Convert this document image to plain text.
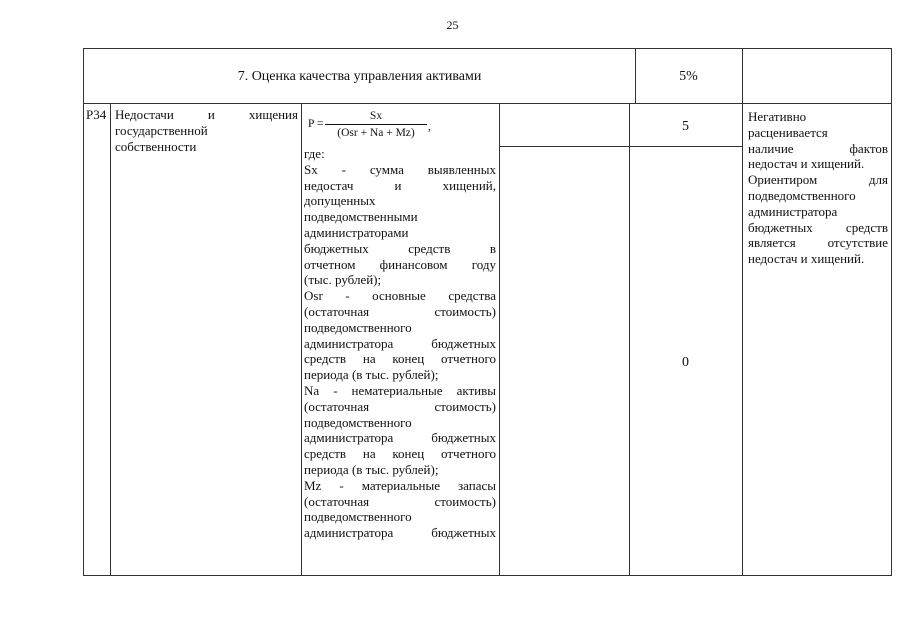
25
7. Оценка качества управления активами	5%
P34 Недостачи и хищения
государственной
собственности
P =
Sx
(Osr + Na + Mz)	,
где:
Sx - сумма выявленных
недостач и хищений,
допущенных
подведомственными
администраторами
бюджетных средств в
отчетном финансовом году
(тыс. рублей);
Osr - основные средства
(остаточная стоимость)
подведомственного
администратора бюджетных
средств на конец отчетного
периода (в тыс. рублей);
Na - нематериальные активы
(остаточная стоимость)
подведомственного
администратора бюджетных
средств на конец отчетного
периода (в тыс. рублей);
Mz - материальные запасы
(остаточная стоимость)
подведомственного
администратора бюджетных
5
0
Негативно
расценивается
наличие фактов
недостач и хищений.
Ориентиром для
подведомственного
администратора
бюджетных средств
является отсутствие
недостач и хищений.
